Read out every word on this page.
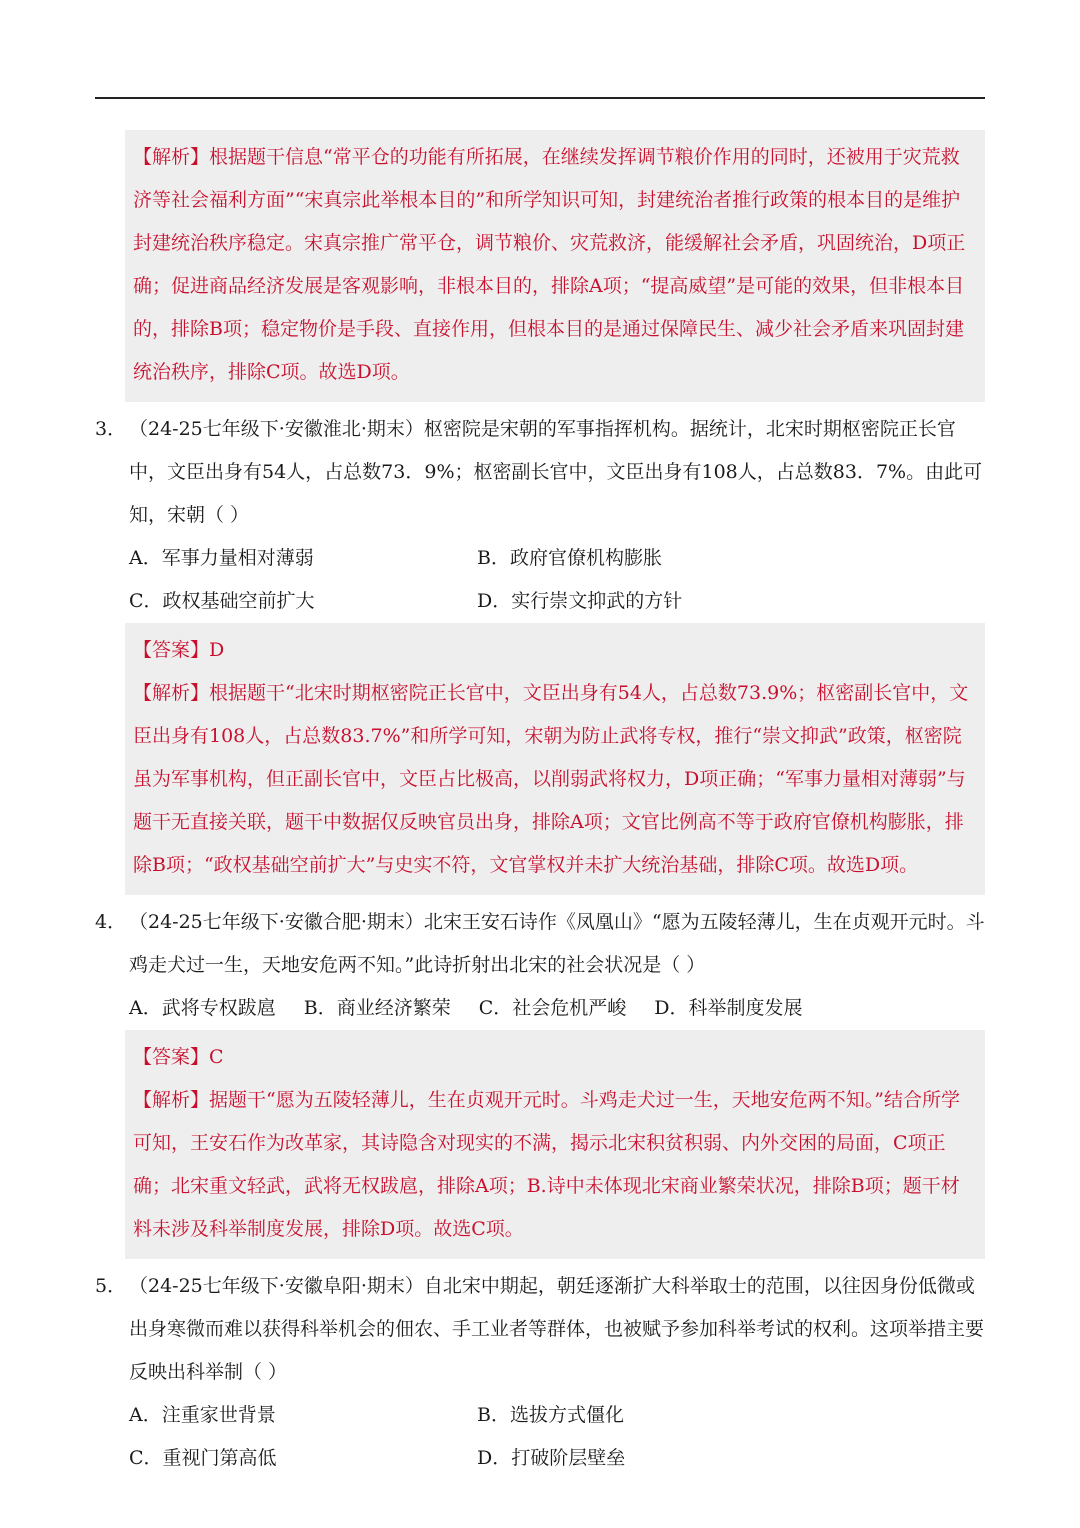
【解析】根据题干信息“常平仓的功能有所拓展，在继续发挥调节粮价作用的同时，还被用于灾荒救济等社会福利方面”“宋真宗此举根本目的”和所学知识可知，封建统治者推行政策的根本目的是维护封建统治秩序稳定。宋真宗推广常平仓，调节粮价、灾荒救济，能缓解社会矛盾，巩固统治，D项正确；促进商品经济发展是客观影响，非根本目的，排除A项；“提高威望”是可能的效果，但非根本目的，排除B项；稳定物价是手段、直接作用，但根本目的是通过保障民生、减少社会矛盾来巩固封建统治秩序，排除C项。故选D项。
3． （24-25七年级下·安徽淮北·期末）枢密院是宋朝的军事指挥机构。据统计，北宋时期枢密院正长官中，文臣出身有54人，占总数73．9%；枢密副长官中，文臣出身有108人，占总数83．7%。由此可知，宋朝（ ）
A．军事力量相对薄弱	B．政府官僚机构膨胀
C．政权基础空前扩大	D．实行崇文抑武的方针
【答案】D
【解析】根据题干“北宋时期枢密院正长官中，文臣出身有54人，占总数73.9%；枢密副长官中，文臣出身有108人，占总数83.7%”和所学可知，宋朝为防止武将专权，推行“崇文抑武”政策，枢密院虽为军事机构，但正副长官中，文臣占比极高，以削弱武将权力，D项正确；“军事力量相对薄弱”与题干无直接关联，题干中数据仅反映官员出身，排除A项；文官比例高不等于政府官僚机构膨胀，排除B项；“政权基础空前扩大”与史实不符，文官掌权并未扩大统治基础，排除C项。故选D项。
4． （24-25七年级下·安徽合肥·期末）北宋王安石诗作《凤凰山》“愿为五陵轻薄儿，生在贞观开元时。斗鸡走犬过一生，天地安危两不知。”此诗折射出北宋的社会状况是（ ）
A．武将专权跋扈 B．商业经济繁荣 C．社会危机严峻 D．科举制度发展
【答案】C
【解析】据题干“愿为五陵轻薄儿，生在贞观开元时。斗鸡走犬过一生，天地安危两不知。”结合所学可知，王安石作为改革家，其诗隐含对现实的不满，揭示北宋积贫积弱、内外交困的局面，C项正确；北宋重文轻武，武将无权跋扈，排除A项；B.诗中未体现北宋商业繁荣状况，排除B项；题干材料未涉及科举制度发展，排除D项。故选C项。
5． （24-25七年级下·安徽阜阳·期末）自北宋中期起，朝廷逐渐扩大科举取士的范围，以往因身份低微或出身寒微而难以获得科举机会的佃农、手工业者等群体，也被赋予参加科举考试的权利。这项举措主要反映出科举制（ ）
A．注重家世背景	B．选拔方式僵化
C．重视门第高低	D．打破阶层壁垒
